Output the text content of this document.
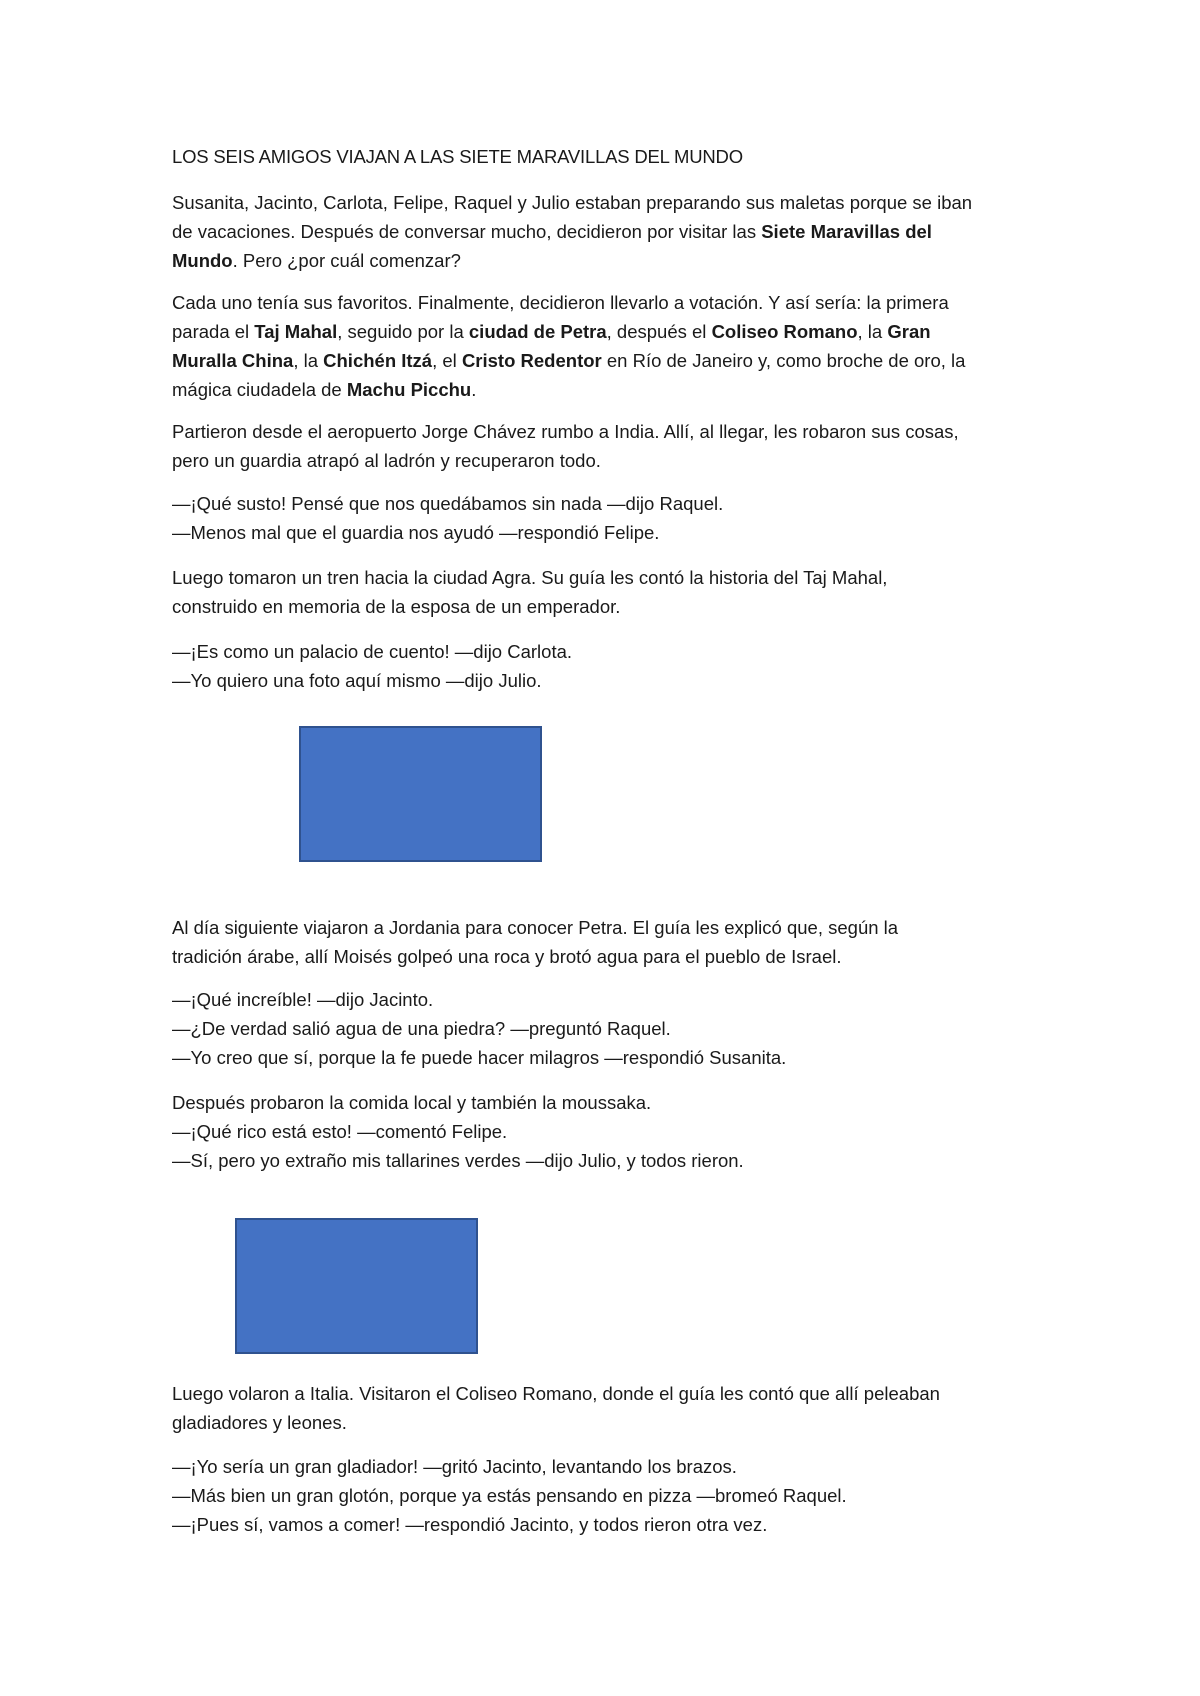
LOS SEIS AMIGOS VIAJAN A LAS SIETE MARAVILLAS DEL MUNDO

Susanita, Jacinto, Carlota, Felipe, Raquel y Julio estaban preparando sus maletas porque se iban
de vacaciones. Después de conversar mucho, decidieron por visitar las Siete Maravillas del
Mundo. Pero ¿por cuál comenzar?

Cada uno tenía sus favoritos. Finalmente, decidieron llevarlo a votación. Y así sería: la primera
parada el Taj Mahal, seguido por la ciudad de Petra, después el Coliseo Romano, la Gran
Muralla China, la Chichén Itzá, el Cristo Redentor en Río de Janeiro y, como broche de oro, la
mágica ciudadela de Machu Picchu.

Partieron desde el aeropuerto Jorge Chávez rumbo a India. Allí, al llegar, les robaron sus cosas,
pero un guardia atrapó al ladrón y recuperaron todo.

—¡Qué susto! Pensé que nos quedábamos sin nada —dijo Raquel.
—Menos mal que el guardia nos ayudó —respondió Felipe.

Luego tomaron un tren hacia la ciudad Agra. Su guía les contó la historia del Taj Mahal,
construido en memoria de la esposa de un emperador.

—¡Es como un palacio de cuento! —dijo Carlota.
—Yo quiero una foto aquí mismo —dijo Julio.

Al día siguiente viajaron a Jordania para conocer Petra. El guía les explicó que, según la
tradición árabe, allí Moisés golpeó una roca y brotó agua para el pueblo de Israel.

—¡Qué increíble! —dijo Jacinto.
—¿De verdad salió agua de una piedra? —preguntó Raquel.
—Yo creo que sí, porque la fe puede hacer milagros —respondió Susanita.

Después probaron la comida local y también la moussaka.
—¡Qué rico está esto! —comentó Felipe.
—Sí, pero yo extraño mis tallarines verdes —dijo Julio, y todos rieron.

Luego volaron a Italia. Visitaron el Coliseo Romano, donde el guía les contó que allí peleaban
gladiadores y leones.

—¡Yo sería un gran gladiador! —gritó Jacinto, levantando los brazos.
—Más bien un gran glotón, porque ya estás pensando en pizza —bromeó Raquel.
—¡Pues sí, vamos a comer! —respondió Jacinto, y todos rieron otra vez.
